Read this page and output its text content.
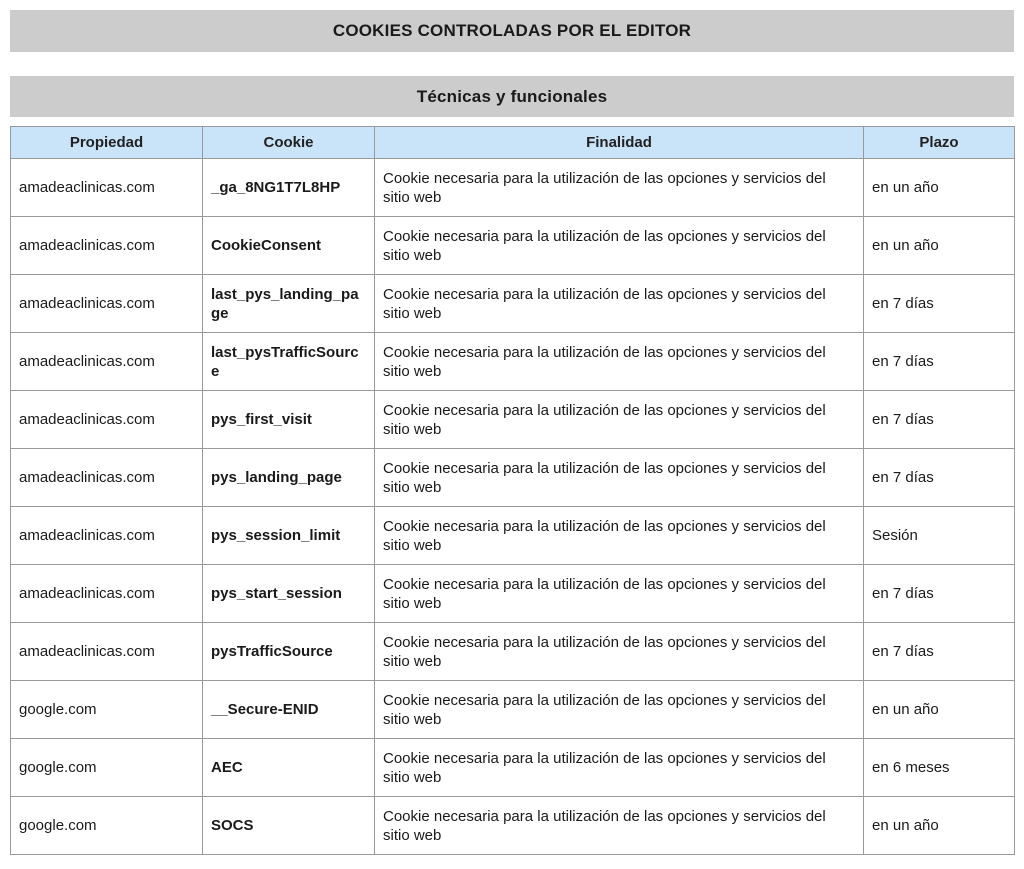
COOKIES CONTROLADAS POR EL EDITOR
Técnicas y funcionales
Propiedad	Cookie	Finalidad	Plazo
amadeaclinicas.com	_ga_8NG1T7L8HP	Cookie necesaria para la utilización de las opciones y servicios del sitio web	en un año
amadeaclinicas.com	CookieConsent	Cookie necesaria para la utilización de las opciones y servicios del sitio web	en un año
amadeaclinicas.com	last_pys_landing_page	Cookie necesaria para la utilización de las opciones y servicios del sitio web	en 7 días
amadeaclinicas.com	last_pysTrafficSource	Cookie necesaria para la utilización de las opciones y servicios del sitio web	en 7 días
amadeaclinicas.com	pys_first_visit	Cookie necesaria para la utilización de las opciones y servicios del sitio web	en 7 días
amadeaclinicas.com	pys_landing_page	Cookie necesaria para la utilización de las opciones y servicios del sitio web	en 7 días
amadeaclinicas.com	pys_session_limit	Cookie necesaria para la utilización de las opciones y servicios del sitio web	Sesión
amadeaclinicas.com	pys_start_session	Cookie necesaria para la utilización de las opciones y servicios del sitio web	en 7 días
amadeaclinicas.com	pysTrafficSource	Cookie necesaria para la utilización de las opciones y servicios del sitio web	en 7 días
google.com	__Secure-ENID	Cookie necesaria para la utilización de las opciones y servicios del sitio web	en un año
google.com	AEC	Cookie necesaria para la utilización de las opciones y servicios del sitio web	en 6 meses
google.com	SOCS	Cookie necesaria para la utilización de las opciones y servicios del sitio web	en un año
